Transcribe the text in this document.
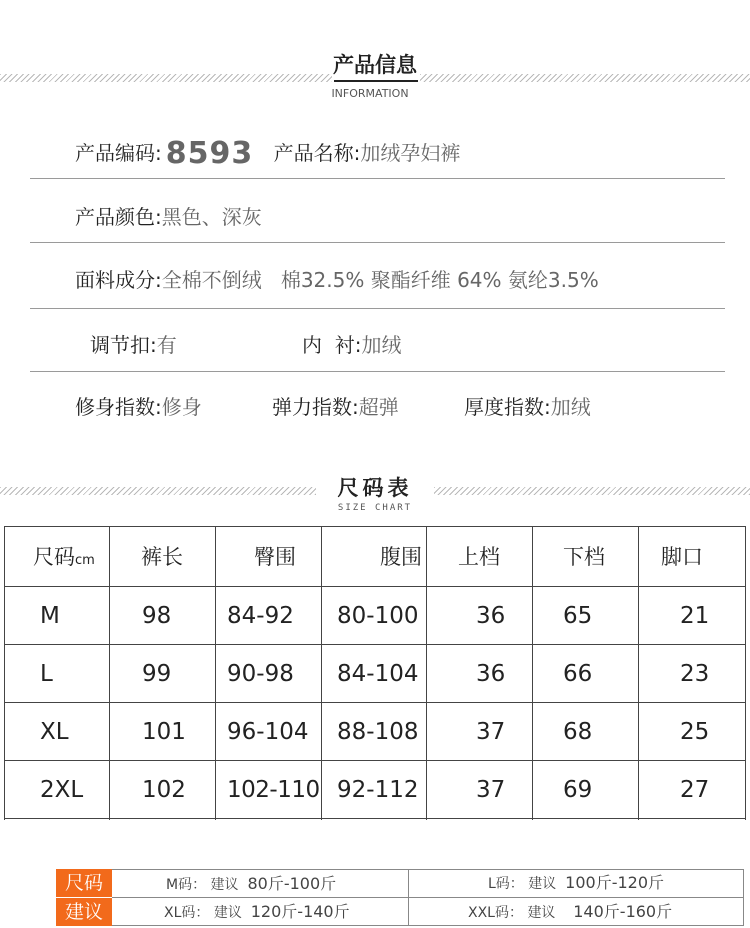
产品信息
INFORMATION
产品编码: 8593 产品名称:加绒孕妇裤
产品颜色:黑色、深灰
面料成分:全棉不倒绒   棉32.5% 聚酯纤维 64% 氨纶3.5%
调节扣:有	内  衬:加绒
修身指数:修身	弹力指数:超弹	厚度指数:加绒
尺码表
SIZE CHART
尺码cm 裤长	臀围	腹围 上档	下档	脚口
M	98 84-92 80-100	36	65	21
L	99 90-98 84-104	36	66	23
XL	101 96-104 88-108	37	68	25
2XL	102 102-110 92-112	37	69	27
尺码
建议
M码： 建议 80斤-100斤	L码： 建议 100斤-120斤
XL码： 建议 120斤-140斤	XXL码： 建议 140斤-160斤
